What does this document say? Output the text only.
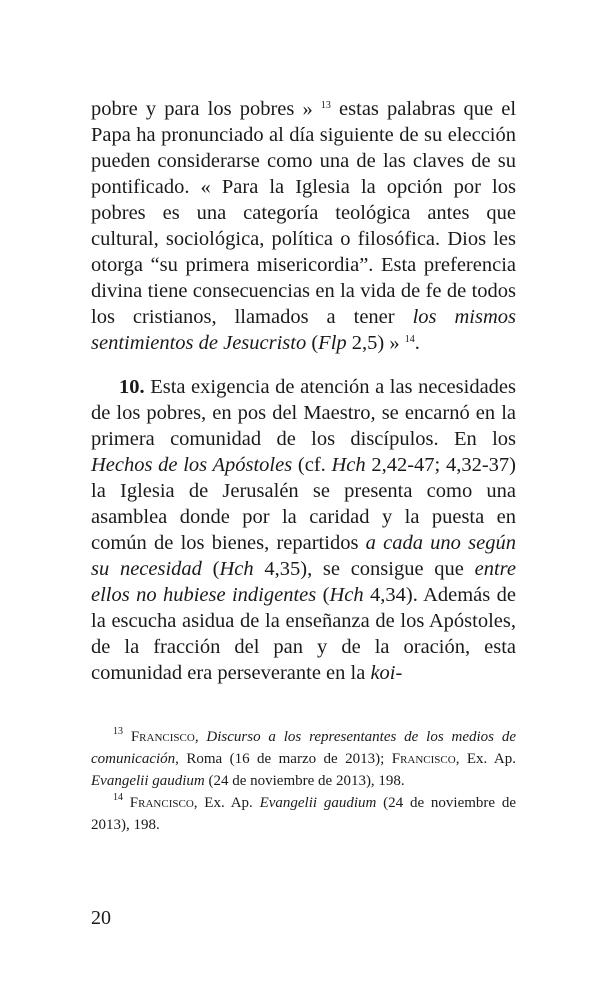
pobre y para los pobres » $^{13}$ estas palabras que el Papa ha pronunciado al día siguiente de su elección pueden considerarse como una de las claves de su pontificado. « Para la Iglesia la opción por los pobres es una categoría teológica antes que cultural, sociológica, política o filosófica. Dios les otorga “su primera misericordia”. Esta preferencia divina tiene consecuencias en la vida de fe de todos los cristianos, llamados a tener los mismos sentimientos de Jesucristo (Flp 2,5) » $^{14}$.

10. Esta exigencia de atención a las necesidades de los pobres, en pos del Maestro, se encarnó en la primera comunidad de los discípulos. En los Hechos de los Apóstoles (cf. Hch 2,42-47; 4,32-37) la Iglesia de Jerusalén se presenta como una asamblea donde por la caridad y la puesta en común de los bienes, repartidos a cada uno según su necesidad (Hch 4,35), se consigue que entre ellos no hubiese indigentes (Hch 4,34). Además de la escucha asidua de la enseñanza de los Apóstoles, de la fracción del pan y de la oración, esta comunidad era perseverante en la koi-

$^{13}$ Francisco, Discurso a los representantes de los medios de comunicación, Roma (16 de marzo de 2013); Francisco, Ex. Ap. Evangelii gaudium (24 de noviembre de 2013), 198.

$^{14}$ Francisco, Ex. Ap. Evangelii gaudium (24 de noviembre de 2013), 198.

20
